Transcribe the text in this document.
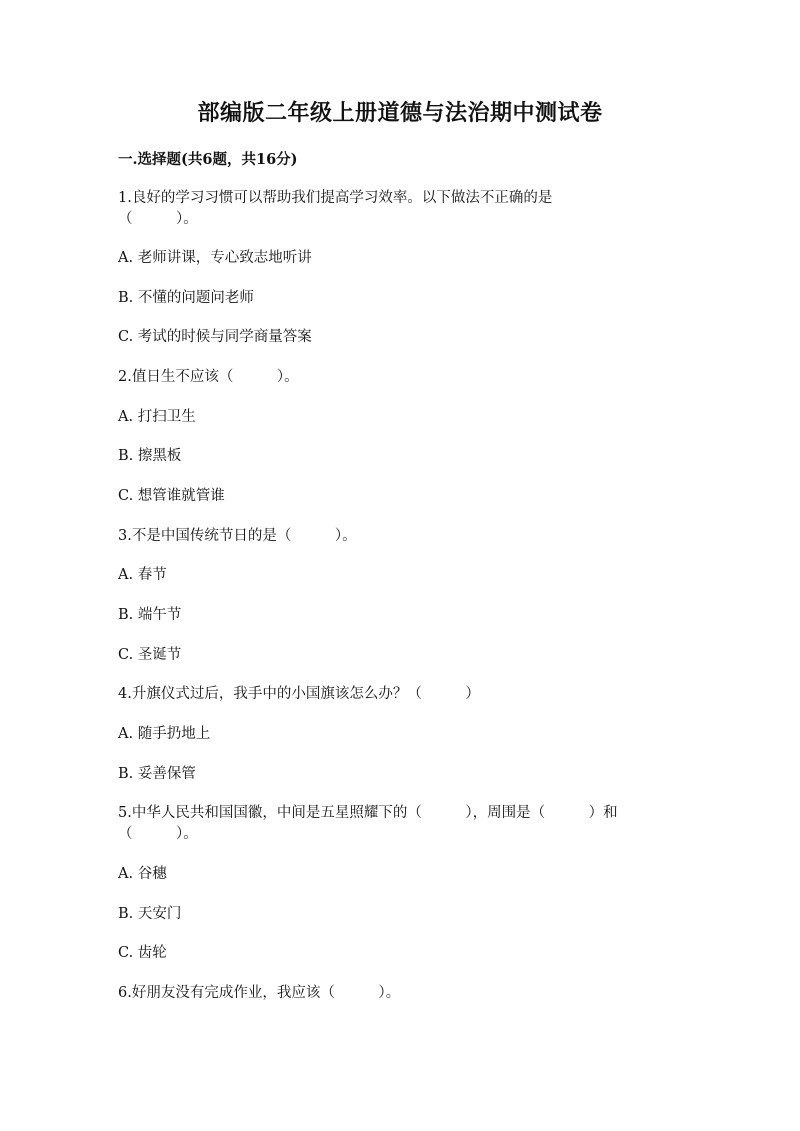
部编版二年级上册道德与法治期中测试卷
一.选择题(共6题，共16分)
1.良好的学习习惯可以帮助我们提高学习效率。以下做法不正确的是
（　　　）。
A. 老师讲课，专心致志地听讲
B. 不懂的问题问老师
C. 考试的时候与同学商量答案
2.值日生不应该（　　　）。
A. 打扫卫生
B. 擦黑板
C. 想管谁就管谁
3.不是中国传统节日的是（　　　）。
A. 春节
B. 端午节
C. 圣诞节
4.升旗仪式过后，我手中的小国旗该怎么办？（　　　）
A. 随手扔地上
B. 妥善保管
5.中华人民共和国国徽，中间是五星照耀下的（　　　），周围是（　　　）和
（　　　）。
A. 谷穗
B. 天安门
C. 齿轮
6.好朋友没有完成作业，我应该（　　　）。
